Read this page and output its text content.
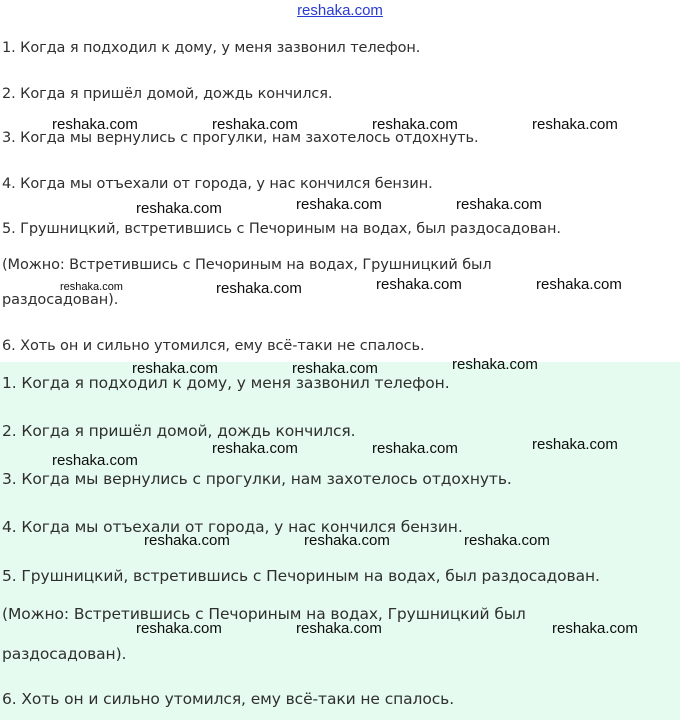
reshaka.com
1. Когда я подходил к дому, у меня зазвонил телефон.
2. Когда я пришёл домой, дождь кончился.
3. Когда мы вернулись с прогулки, нам захотелось отдохнуть.
4. Когда мы отъехали от города, у нас кончился бензин.
5. Грушницкий, встретившись с Печориным на водах, был раздосадован.
(Можно: Встретившись с Печориным на водах, Грушницкий был
раздосадован).
6. Хоть он и сильно утомился, ему всё-таки не спалось.
1. Когда я подходил к дому, у меня зазвонил телефон.
2. Когда я пришёл домой, дождь кончился.
3. Когда мы вернулись с прогулки, нам захотелось отдохнуть.
4. Когда мы отъехали от города, у нас кончился бензин.
5. Грушницкий, встретившись с Печориным на водах, был раздосадован.
(Можно: Встретившись с Печориным на водах, Грушницкий был
раздосадован).
6. Хоть он и сильно утомился, ему всё-таки не спалось.
reshaka.com	reshaka.com	reshaka.com	reshaka.com
reshaka.com	reshaka.com	reshaka.com
reshaka.com	reshaka.com	reshaka.com	reshaka.com
reshaka.com	reshaka.com	reshaka.com
reshaka.com
reshaka.com	reshaka.com	reshaka.com
reshaka.com	reshaka.com	reshaka.com
reshaka.com	reshaka.com	reshaka.com
